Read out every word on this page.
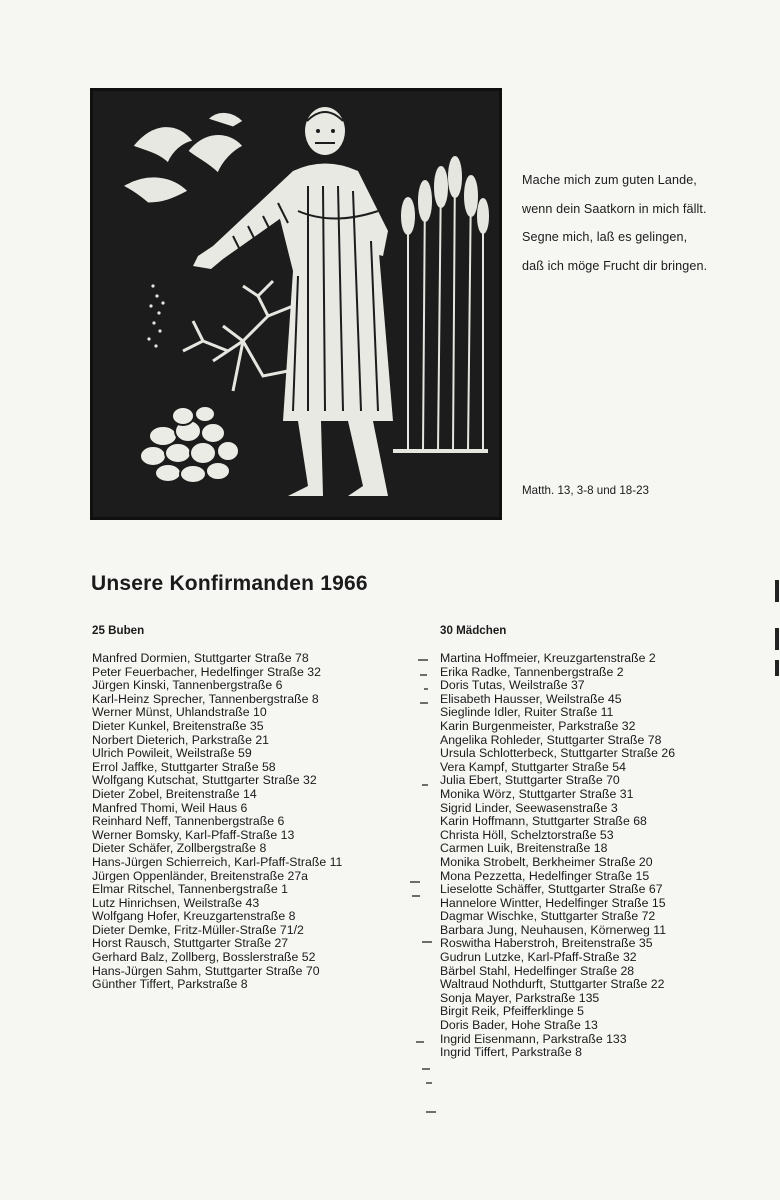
Mache mich zum guten Lande,
wenn dein Saatkorn in mich fällt.
Segne mich, laß es gelingen,
daß ich möge Frucht dir bringen.
Matth. 13, 3-8 und 18-23
Unsere Konfirmanden 1966
25 Buben	30 Mädchen
Manfred Dormien, Stuttgarter Straße 78
Peter Feuerbacher, Hedelfinger Straße 32
Jürgen Kinski, Tannenbergstraße 6
Karl-Heinz Sprecher, Tannenbergstraße 8
Werner Münst, Uhlandstraße 10
Dieter Kunkel, Breitenstraße 35
Norbert Dieterich, Parkstraße 21
Ulrich Powileit, Weilstraße 59
Errol Jaffke, Stuttgarter Straße 58
Wolfgang Kutschat, Stuttgarter Straße 32
Dieter Zobel, Breitenstraße 14
Manfred Thomi, Weil Haus 6
Reinhard Neff, Tannenbergstraße 6
Werner Bomsky, Karl-Pfaff-Straße 13
Dieter Schäfer, Zollbergstraße 8
Hans-Jürgen Schierreich, Karl-Pfaff-Straße 11
Jürgen Oppenländer, Breitenstraße 27a
Elmar Ritschel, Tannenbergstraße 1
Lutz Hinrichsen, Weilstraße 43
Wolfgang Hofer, Kreuzgartenstraße 8
Dieter Demke, Fritz-Müller-Straße 71/2
Horst Rausch, Stuttgarter Straße 27
Gerhard Balz, Zollberg, Bosslerstraße 52
Hans-Jürgen Sahm, Stuttgarter Straße 70
Günther Tiffert, Parkstraße 8
Martina Hoffmeier, Kreuzgartenstraße 2
Erika Radke, Tannenbergstraße 2
Doris Tutas, Weilstraße 37
Elisabeth Hausser, Weilstraße 45
Sieglinde Idler, Ruiter Straße 11
Karin Burgenmeister, Parkstraße 32
Angelika Rohleder, Stuttgarter Straße 78
Ursula Schlotterbeck, Stuttgarter Straße 26
Vera Kampf, Stuttgarter Straße 54
Julia Ebert, Stuttgarter Straße 70
Monika Wörz, Stuttgarter Straße 31
Sigrid Linder, Seewasenstraße 3
Karin Hoffmann, Stuttgarter Straße 68
Christa Höll, Schelztorstraße 53
Carmen Luik, Breitenstraße 18
Monika Strobelt, Berkheimer Straße 20
Mona Pezzetta, Hedelfinger Straße 15
Lieselotte Schäffer, Stuttgarter Straße 67
Hannelore Wintter, Hedelfinger Straße 15
Dagmar Wischke, Stuttgarter Straße 72
Barbara Jung, Neuhausen, Körnerweg 11
Roswitha Haberstroh, Breitenstraße 35
Gudrun Lutzke, Karl-Pfaff-Straße 32
Bärbel Stahl, Hedelfinger Straße 28
Waltraud Nothdurft, Stuttgarter Straße 22
Sonja Mayer, Parkstraße 135
Birgit Reik, Pfeifferklinge 5
Doris Bader, Hohe Straße 13
Ingrid Eisenmann, Parkstraße 133
Ingrid Tiffert, Parkstraße 8
